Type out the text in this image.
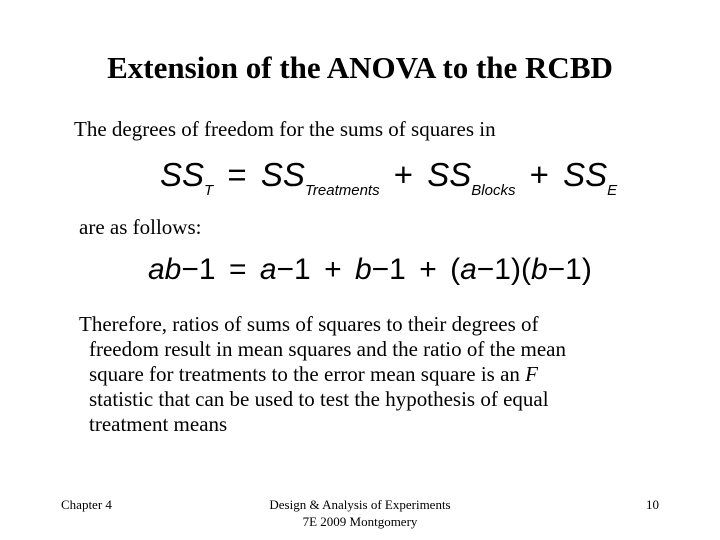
Extension of the ANOVA to the RCBD
The degrees of freedom for the sums of squares in
$SS_T = SS_{Treatments} + SS_{Blocks} + SS_E$
are as follows:
ab−1 = a−1 + b−1 + (a−1)(b−1)
Therefore, ratios of sums of squares to their degrees of
freedom result in mean squares and the ratio of the mean
square for treatments to the error mean square is an F
statistic that can be used to test the hypothesis of equal
treatment means
Chapter 4	Design & Analysis of Experiments
7E 2009 Montgomery
10
